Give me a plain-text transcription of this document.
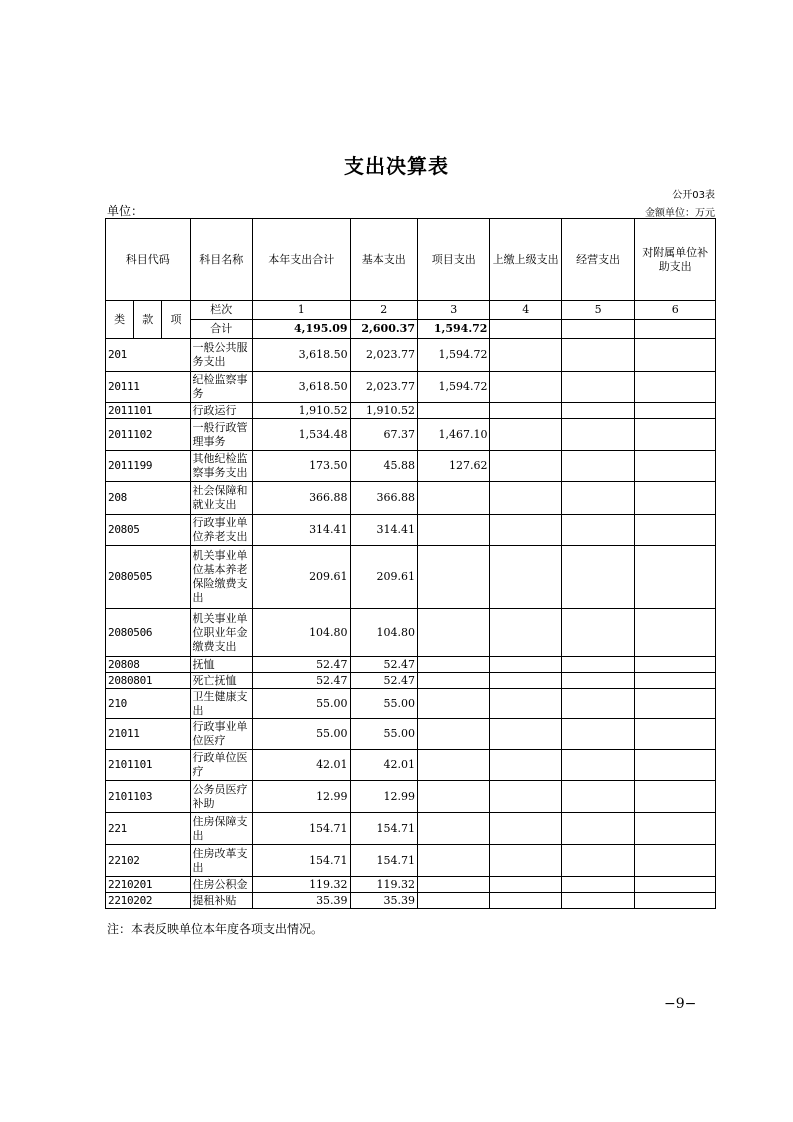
支出决算表
公开03表
单位：	金额单位：万元
科目代码			科目名称	本年支出合计	基本支出	项目支出	上缴上级支出	经营支出	对附属单位补助支出
类	款	项	栏次	1	2	3	4	5	6
			合计	4,195.09	2,600.37	1,594.72			
201			一般公共服务支出	3,618.50	2,023.77	1,594.72			
20111			纪检监察事务	3,618.50	2,023.77	1,594.72			
2011101			行政运行	1,910.52	1,910.52				
2011102			一般行政管理事务	1,534.48	67.37	1,467.10			
2011199			其他纪检监察事务支出	173.50	45.88	127.62			
208			社会保障和就业支出	366.88	366.88				
20805			行政事业单位养老支出	314.41	314.41				
2080505			机关事业单位基本养老保险缴费支出	209.61	209.61				
2080506			机关事业单位职业年金缴费支出	104.80	104.80				
20808			抚恤	52.47	52.47				
2080801			死亡抚恤	52.47	52.47				
210			卫生健康支出	55.00	55.00				
21011			行政事业单位医疗	55.00	55.00				
2101101			行政单位医疗	42.01	42.01				
2101103			公务员医疗补助	12.99	12.99				
221			住房保障支出	154.71	154.71				
22102			住房改革支出	154.71	154.71				
2210201			住房公积金	119.32	119.32				
2210202			提租补贴	35.39	35.39				
注：本表反映单位本年度各项支出情况。
−9−
